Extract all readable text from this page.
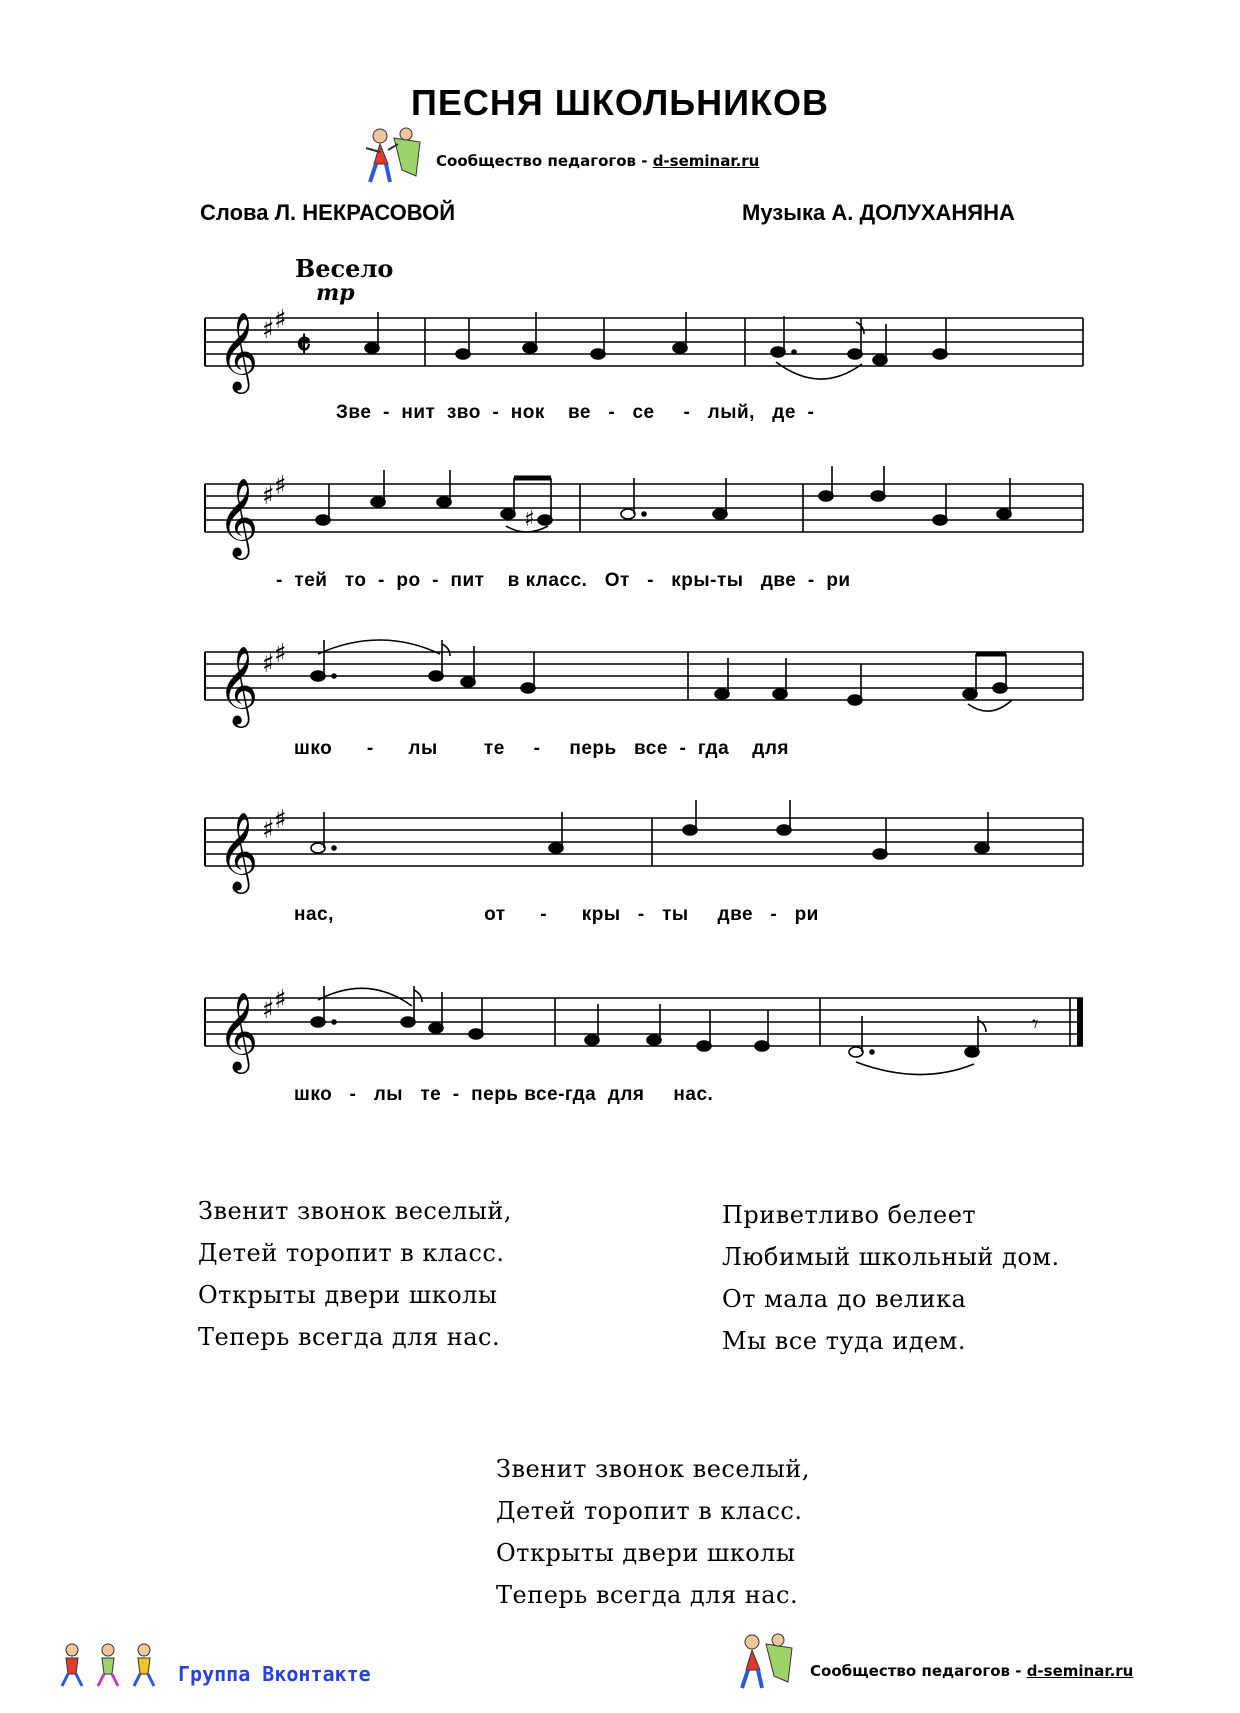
ПЕСНЯ ШКОЛЬНИКОВ
Сообщество педагогов - d-seminar.ru
Слова Л. НЕКРАСОВОЙ	Музыка А. ДОЛУХАНЯНА
Весело
mp
𝄞 ♯ ♯
𝄵
Зве  -  нит  зво  -  нок    ве   -   се     -   лый,   де  -
𝄞 ♯ ♯
♯
-  тей   то  -  ро  -  пит    в класс.   От   -   кры-ты   две  -  ри
𝄞 ♯ ♯
шко      -      лы        те     -     перь   все  -  гда    для
𝄞 ♯ ♯
нас,                          от      -      кры   -   ты     две   -   ри
𝄞 ♯ ♯
𝄾
шко   -   лы   те  -  перь все-гда  для     нас.
Звенит звонок веселый,
Детей торопит в класс.
Открыты двери школы
Теперь всегда для нас.
Приветливо белеет
Любимый школьный дом.
От мала до велика
Мы все туда идем.
Звенит звонок веселый,
Детей торопит в класс.
Открыты двери школы
Теперь всегда для нас.
Группа Вконтакте	Сообщество педагогов - d-seminar.ru
